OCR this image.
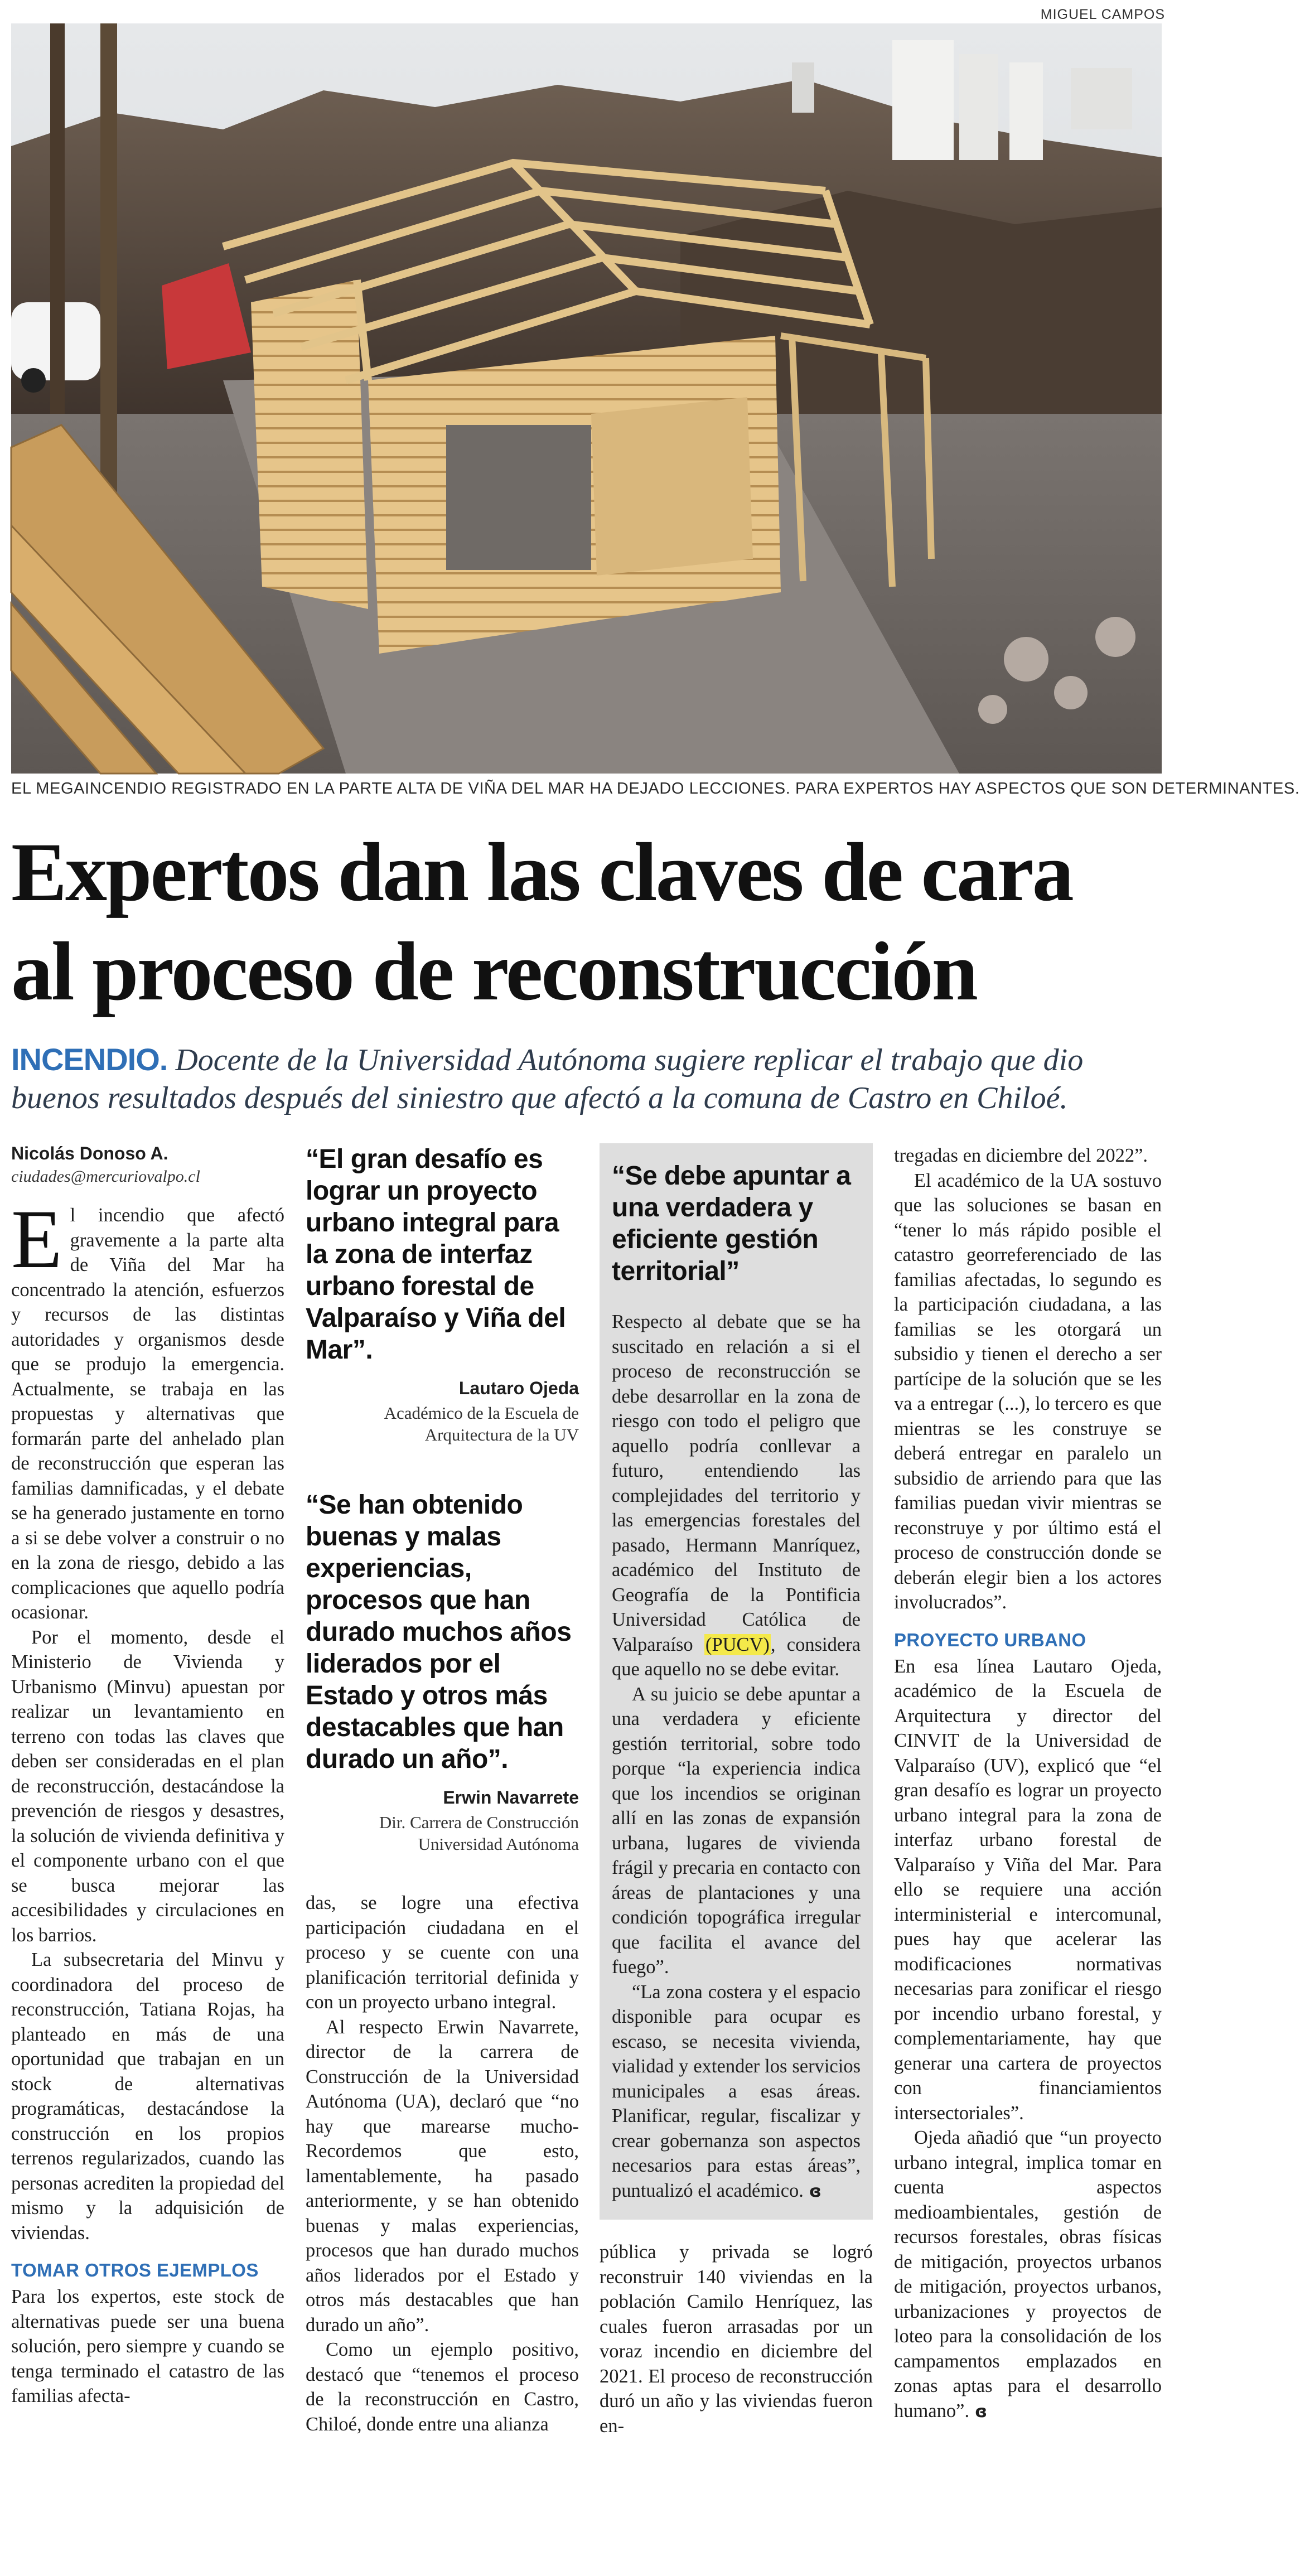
MIGUEL CAMPOS
EL MEGAINCENDIO REGISTRADO EN LA PARTE ALTA DE VIÑA DEL MAR HA DEJADO LECCIONES. PARA EXPERTOS HAY ASPECTOS QUE SON DETERMINANTES.
Expertos dan las claves de cara
al proceso de reconstrucción
INCENDIO. Docente de la Universidad Autónoma sugiere replicar el trabajo que dio buenos resultados después del siniestro que afectó a la comuna de Castro en Chiloé.
Nicolás Donoso A.
ciudades@mercuriovalpo.cl

El incendio que afectó gravemente a la parte alta de Viña del Mar ha concentrado la atención, esfuerzos y recursos de las distintas autoridades y organismos desde que se produjo la emergencia. Actualmente, se trabaja en las propuestas y alternativas que formarán parte del anhelado plan de reconstrucción que esperan las familias damnificadas, y el debate se ha generado justamente en torno a si se debe volver a construir o no en la zona de riesgo, debido a las complicaciones que aquello podría ocasionar.

Por el momento, desde el Ministerio de Vivienda y Urbanismo (Minvu) apuestan por realizar un levantamiento en terreno con todas las claves que deben ser consideradas en el plan de reconstrucción, destacándose la prevención de riesgos y desastres, la solución de vivienda definitiva y el componente urbano con el que se busca mejorar las accesibilidades y circulaciones en los barrios.

La subsecretaria del Minvu y coordinadora del proceso de reconstrucción, Tatiana Rojas, ha planteado en más de una oportunidad que trabajan en un stock de alternativas programáticas, destacándose la construcción en los propios terrenos regularizados, cuando las personas acrediten la propiedad del mismo y la adquisición de viviendas.

TOMAR OTROS EJEMPLOS

Para los expertos, este stock de alternativas puede ser una buena solución, pero siempre y cuando se tenga terminado el catastro de las familias afecta-

“El gran desafío es lograr un proyecto urbano integral para la zona de interfaz urbano forestal de Valparaíso y Viña del Mar”.
Lautaro Ojeda
Académico de la Escuela de Arquitectura de la UV
“Se han obtenido buenas y malas experiencias, procesos que han durado muchos años liderados por el Estado y otros más destacables que han durado un año”.
Erwin Navarrete
Dir. Carrera de Construcción Universidad Autónoma

das, se logre una efectiva participación ciudadana en el proceso y se cuente con una planificación territorial definida y con un proyecto urbano integral.

Al respecto Erwin Navarrete, director de la carrera de Construcción de la Universidad Autónoma (UA), declaró que “no hay que marearse mucho- Recordemos que esto, lamentablemente, ha pasado anteriormente, y se han obtenido buenas y malas experiencias, procesos que han durado muchos años liderados por el Estado y otros más destacables que han durado un año”.

Como un ejemplo positivo, destacó que “tenemos el proceso de la reconstrucción en Castro, Chiloé, donde entre una alianza

“Se debe apuntar a una verdadera y eficiente gestión territorial”

Respecto al debate que se ha suscitado en relación a si el proceso de reconstrucción se debe desarrollar en la zona de riesgo con todo el peligro que aquello podría conllevar a futuro, entendiendo las complejidades del territorio y las emergencias forestales del pasado, Hermann Manríquez, académico del Instituto de Geografía de la Pontificia Universidad Católica de Valparaíso (PUCV), considera que aquello no se debe evitar.

A su juicio se debe apuntar a una verdadera y eficiente gestión territorial, sobre todo porque “la experiencia indica que los incendios se originan allí en las zonas de expansión urbana, lugares de vivienda frágil y precaria en contacto con áreas de plantaciones y una condición topográfica irregular que facilita el avance del fuego”.

“La zona costera y el espacio disponible para ocupar es escaso, se necesita vivienda, vialidad y extender los servicios municipales a esas áreas. Planificar, regular, fiscalizar y crear gobernanza son aspectos necesarios para estas áreas”, puntualizó el académico. ɞ

pública y privada se logró reconstruir 140 viviendas en la población Camilo Henríquez, las cuales fueron arrasadas por un voraz incendio en diciembre del 2021. El proceso de reconstrucción duró un año y las viviendas fueron en-

tregadas en diciembre del 2022”.

El académico de la UA sostuvo que las soluciones se basan en “tener lo más rápido posible el catastro georreferenciado de las familias afectadas, lo segundo es la participación ciudadana, a las familias se les otorgará un subsidio y tienen el derecho a ser partícipe de la solución que se les va a entregar (...), lo tercero es que mientras se les construye se deberá entregar en paralelo un subsidio de arriendo para que las familias puedan vivir mientras se reconstruye y por último está el proceso de construcción donde se deberán elegir bien a los actores involucrados”.

PROYECTO URBANO

En esa línea Lautaro Ojeda, académico de la Escuela de Arquitectura y director del CINVIT de la Universidad de Valparaíso (UV), explicó que “el gran desafío es lograr un proyecto urbano integral para la zona de interfaz urbano forestal de Valparaíso y Viña del Mar. Para ello se requiere una acción interministerial e intercomunal, pues hay que acelerar las modificaciones normativas necesarias para zonificar el riesgo por incendio urbano forestal, y complementariamente, hay que generar una cartera de proyectos con financiamientos intersectoriales”.

Ojeda añadió que “un proyecto urbano integral, implica tomar en cuenta aspectos medioambientales, gestión de recursos forestales, obras físicas de mitigación, proyectos urbanos de mitigación, proyectos urbanos, urbanizaciones y proyectos de loteo para la consolidación de los campamentos emplazados en zonas aptas para el desarrollo humano”. ɞ
